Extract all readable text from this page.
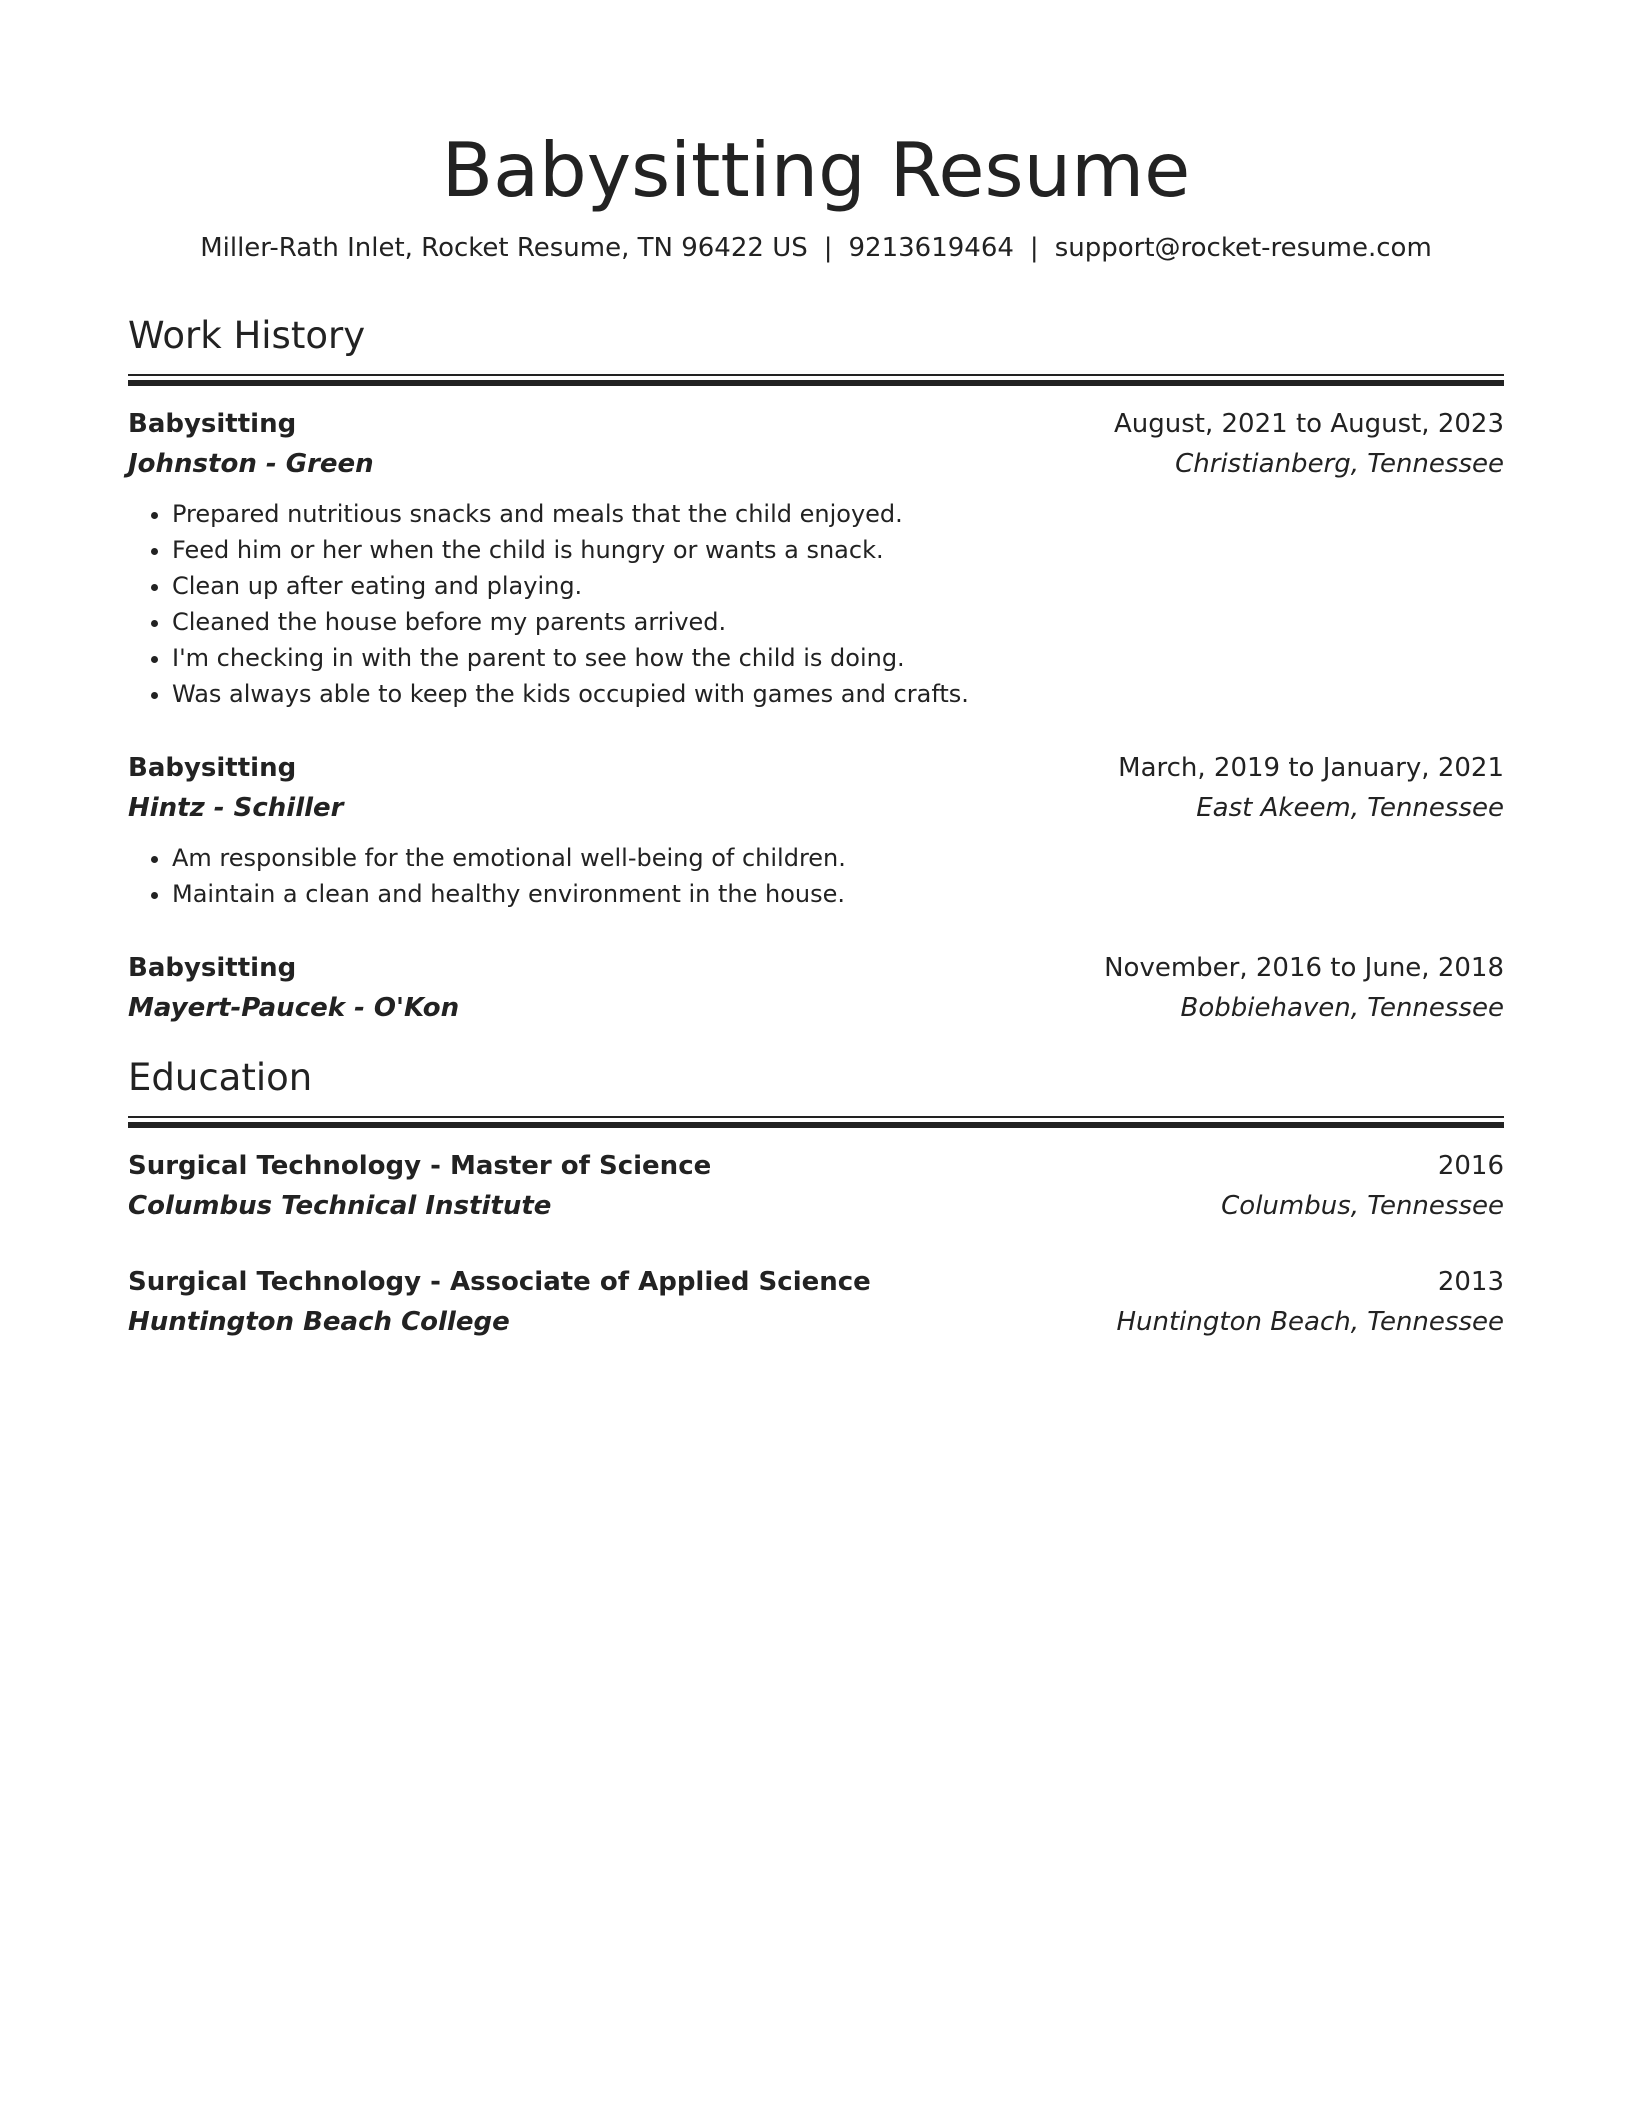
Babysitting Resume
Miller-Rath Inlet, Rocket Resume, TN 96422 US | 9213619464 | support@rocket-resume.com
Work History
Babysitting	August, 2021 to August, 2023
Johnston - Green	Christianberg, Tennessee
• Prepared nutritious snacks and meals that the child enjoyed.
• Feed him or her when the child is hungry or wants a snack.
• Clean up after eating and playing.
• Cleaned the house before my parents arrived.
• I'm checking in with the parent to see how the child is doing.
• Was always able to keep the kids occupied with games and crafts.
Babysitting	March, 2019 to January, 2021
Hintz - Schiller	East Akeem, Tennessee
• Am responsible for the emotional well-being of children.
• Maintain a clean and healthy environment in the house.
Babysitting	November, 2016 to June, 2018
Mayert-Paucek - O'Kon	Bobbiehaven, Tennessee
Education
Surgical Technology - Master of Science	2016
Columbus Technical Institute	Columbus, Tennessee
Surgical Technology - Associate of Applied Science	2013
Huntington Beach College	Huntington Beach, Tennessee
